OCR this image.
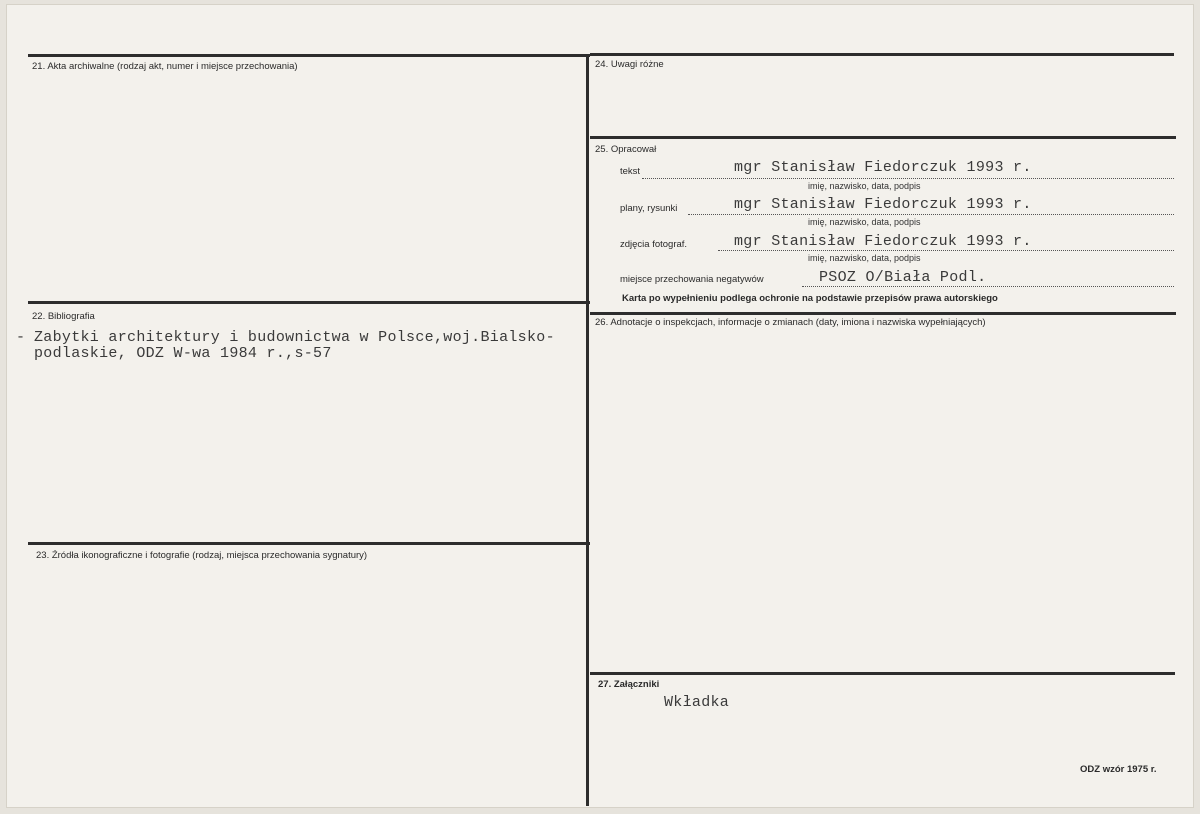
21. Akta archiwalne (rodzaj akt, numer i miejsce przechowania)
22. Bibliografia
- Zabytki architektury i budownictwa w Polsce,woj.Bialsko-
podlaskie, ODZ W-wa 1984 r.,s-57
23. Źródła ikonograficzne i fotografie (rodzaj, miejsca przechowania sygnatury)
24. Uwagi różne
25. Opracował
tekst	mgr Stanisław Fiedorczuk 1993 r.
imię, nazwisko, data, podpis
plany, rysunki	mgr Stanisław Fiedorczuk 1993 r.
imię, nazwisko, data, podpis
zdjęcia fotograf.	mgr Stanisław Fiedorczuk 1993 r.
imię, nazwisko, data, podpis
miejsce przechowania negatywów	PSOZ O/Biała Podl.
Karta po wypełnieniu podlega ochronie na podstawie przepisów prawa autorskiego
26. Adnotacje o inspekcjach, informacje o zmianach (daty, imiona i nazwiska wypełniających)
27. Załączniki
Wkładka
ODZ wzór 1975 r.
